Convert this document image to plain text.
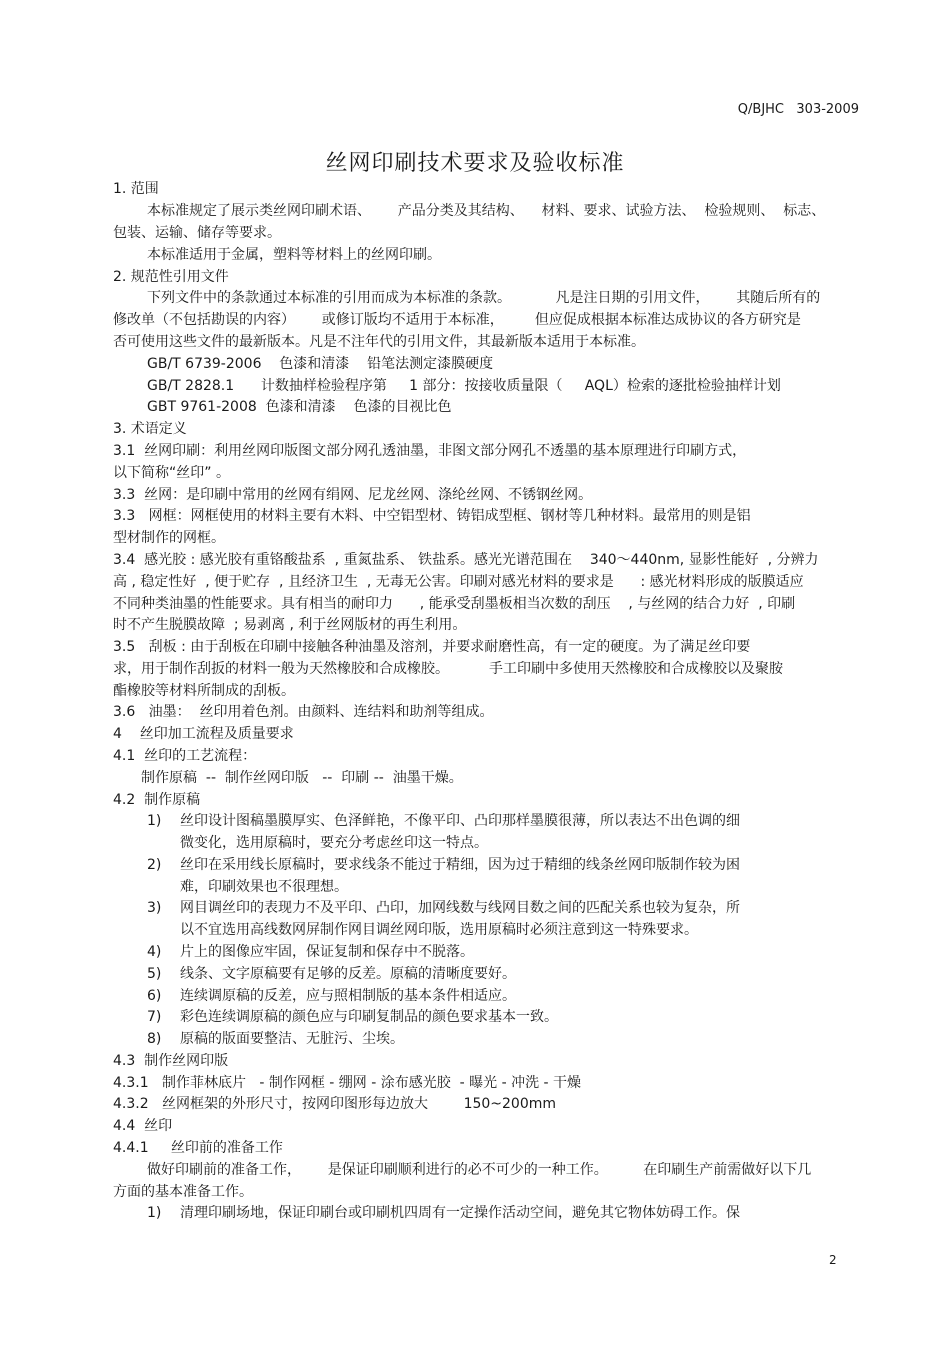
Q/BJHC   303-2009
丝网印刷技术要求及验收标准
1. 范围
本标准规定了展示类丝网印刷术语、      产品分类及其结构、    材料、要求、试验方法、  检验规则、  标志、
包装、运输、储存等要求。
本标准适用于金属，塑料等材料上的丝网印刷。
2. 规范性引用文件
下列文件中的条款通过本标准的引用而成为本标准的条款。          凡是注日期的引用文件，      其随后所有的
修改单（不包括勘误的内容）      或修订版均不适用于本标准，       但应促成根据本标准达成协议的各方研究是
否可使用这些文件的最新版本。凡是不注年代的引用文件，其最新版本适用于本标准。
GB/T 6739-2006    色漆和清漆    铅笔法测定漆膜硬度
GB/T 2828.1      计数抽样检验程序第     1 部分：按接收质量限（     AQL）检索的逐批检验抽样计划
GBT 9761-2008  色漆和清漆    色漆的目视比色
3. 术语定义
3.1  丝网印刷：利用丝网印版图文部分网孔透油墨，非图文部分网孔不透墨的基本原理进行印刷方式，
以下简称“丝印” 。
3.3  丝网：是印刷中常用的丝网有绢网、尼龙丝网、涤纶丝网、不锈钢丝网。
3.3   网框：网框使用的材料主要有木料、中空铝型材、铸铝成型框、钢材等几种材料。最常用的则是铝
型材制作的网框。
3.4  感光胶 : 感光胶有重铬酸盐系  , 重氮盐系、 铁盐系。感光光谱范围在    340～440nm, 显影性能好  , 分辨力
高 , 稳定性好  , 便于贮存  , 且经济卫生  , 无毒无公害。印刷对感光材料的要求是      : 感光材料形成的版膜适应
不同种类油墨的性能要求。具有相当的耐印力      , 能承受刮墨板相当次数的刮压    , 与丝网的结合力好  , 印刷
时不产生脱膜故障  ; 易剥离 , 利于丝网版材的再生利用。
3.5   刮板 : 由于刮板在印刷中接触各种油墨及溶剂，并要求耐磨性高，有一定的硬度。为了满足丝印要
求，用于制作刮扳的材料一般为天然橡胶和合成橡胶。         手工印刷中多使用天然橡胶和合成橡胶以及聚胺
酯橡胶等材料所制成的刮板。
3.6   油墨：  丝印用着色剂。由颜料、连结料和助剂等组成。
4    丝印加工流程及质量要求
4.1  丝印的工艺流程：
制作原稿  --  制作丝网印版   --  印刷 --  油墨干燥。
4.2  制作原稿
1) 丝印设计图稿墨膜厚实、色泽鲜艳，不像平印、凸印那样墨膜很薄，所以表达不出色调的细
微变化，选用原稿时，要充分考虑丝印这一特点。
2) 丝印在采用线长原稿时，要求线条不能过于精细，因为过于精细的线条丝网印版制作较为困
难，印刷效果也不很理想。
3) 网目调丝印的表现力不及平印、凸印，加网线数与线网目数之间的匹配关系也较为复杂，所
以不宜选用高线数网屏制作网目调丝网印版，选用原稿时必须注意到这一特殊要求。
4) 片上的图像应牢固，保证复制和保存中不脱落。
5) 线条、文字原稿要有足够的反差。原稿的清晰度要好。
6) 连续调原稿的反差，应与照相制版的基本条件相适应。
7) 彩色连续调原稿的颜色应与印刷复制品的颜色要求基本一致。
8) 原稿的版面要整洁、无脏污、尘埃。
4.3  制作丝网印版
4.3.1   制作菲林底片   - 制作网框 - 绷网 - 涂布感光胶  - 曝光 - 冲洗 - 干燥
4.3.2   丝网框架的外形尺寸，按网印图形每边放大        150~200mm
4.4  丝印
4.4.1     丝印前的准备工作
做好印刷前的准备工作，      是保证印刷顺利进行的必不可少的一种工作。        在印刷生产前需做好以下几
方面的基本准备工作。
1) 清理印刷场地，保证印刷台或印刷机四周有一定操作活动空间，避免其它物体妨碍工作。保
2
